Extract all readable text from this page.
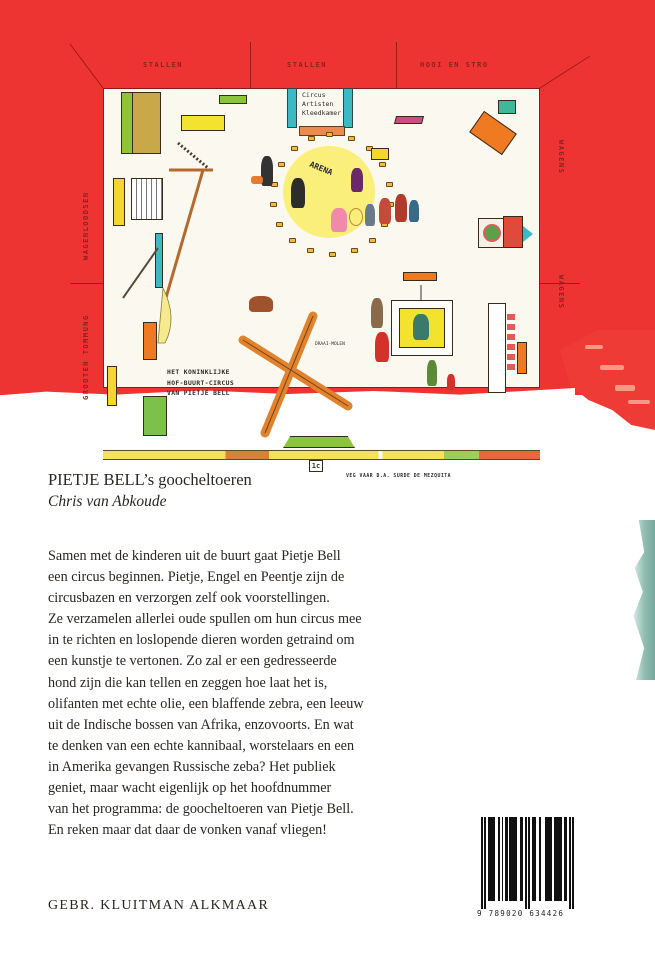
STALLEN	STALLEN	HOOI EN STRO
WAGENLOODSEN
GROOTEN TOMMUNG
WAGENS
WAGENS

Circus
Artisten
Kleedkamer
ARENA

HET KONINKLIJKE
HOF-BUURT-CIRCUS
VAN PIETJE BELL
DRAAI-MOLEN
1c
VEG VAAR D.A. SURDE DE MEZQUITA
PIETJE BELL’s goocheltoeren
Chris van Abkoude
Samen met de kinderen uit de buurt gaat Pietje Bell
een circus beginnen. Pietje, Engel en Peentje zijn de
circusbazen en verzorgen zelf ook voorstellingen.
Ze verzamelen allerlei oude spullen om hun circus mee
in te richten en loslopende dieren worden getraind om
een kunstje te vertonen. Zo zal er een gedresseerde
hond zijn die kan tellen en zeggen hoe laat het is,
olifanten met echte olie, een blaffende zebra, een leeuw
uit de Indische bossen van Afrika, enzovoorts. En wat
te denken van een echte kannibaal, worstelaars en een
in Amerika gevangen Russische zeba? Het publiek
geniet, maar wacht eigenlijk op het hoofdnummer
van het programma: de goocheltoeren van Pietje Bell.
En reken maar dat daar de vonken vanaf vliegen!
GEBR. KLUITMAN ALKMAAR
9 789020 634426
